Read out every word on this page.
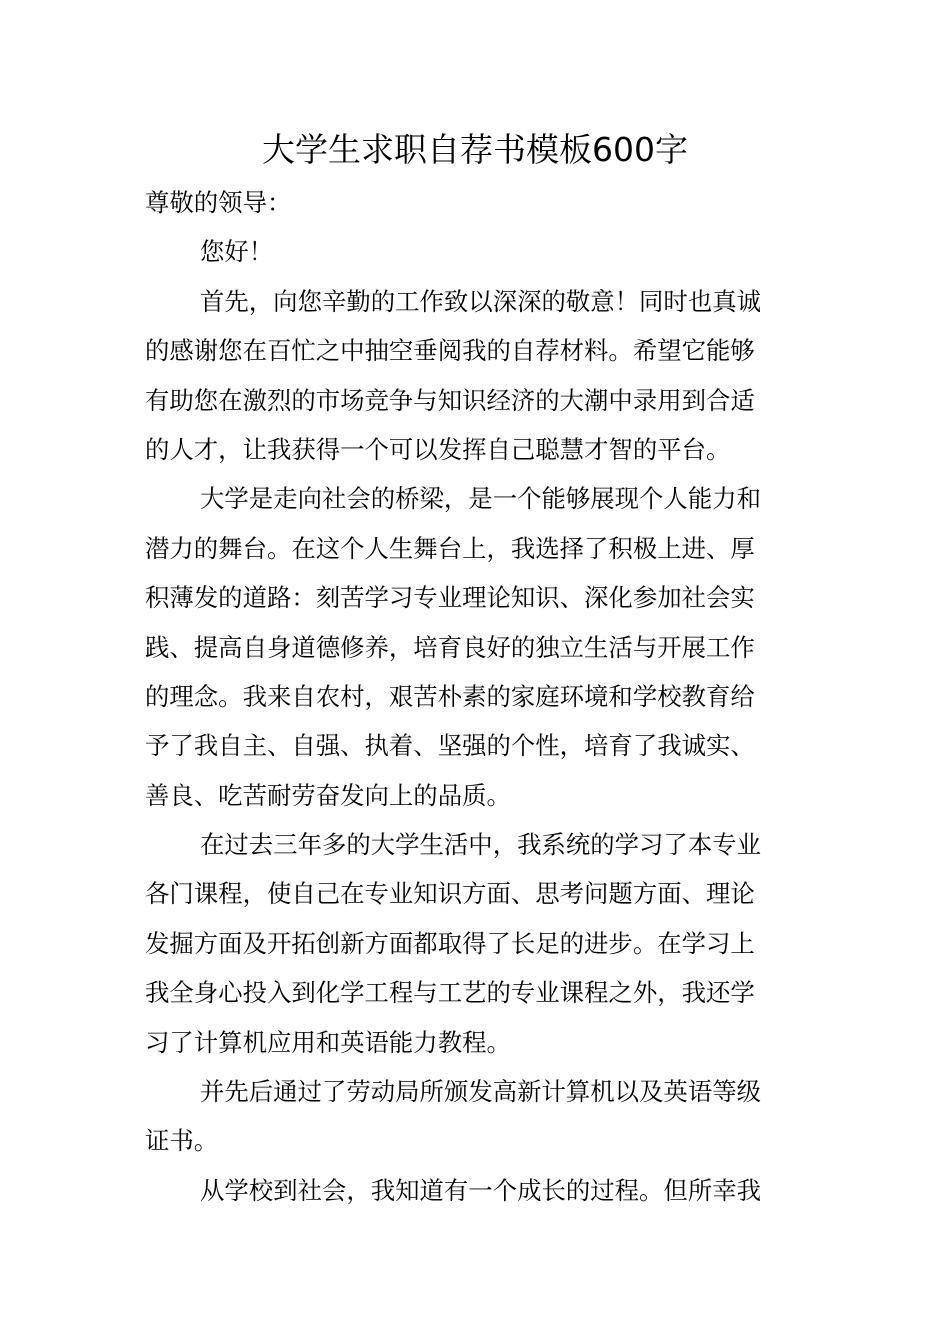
大学生求职自荐书模板600字
尊敬的领导：
您好！
首先，向您辛勤的工作致以深深的敬意！同时也真诚
的感谢您在百忙之中抽空垂阅我的自荐材料。希望它能够
有助您在激烈的市场竞争与知识经济的大潮中录用到合适
的人才，让我获得一个可以发挥自己聪慧才智的平台。
大学是走向社会的桥梁，是一个能够展现个人能力和
潜力的舞台。在这个人生舞台上，我选择了积极上进、厚
积薄发的道路：刻苦学习专业理论知识、深化参加社会实
践、提高自身道德修养，培育良好的独立生活与开展工作
的理念。我来自农村，艰苦朴素的家庭环境和学校教育给
予了我自主、自强、执着、坚强的个性，培育了我诚实、
善良、吃苦耐劳奋发向上的品质。
在过去三年多的大学生活中，我系统的学习了本专业
各门课程，使自己在专业知识方面、思考问题方面、理论
发掘方面及开拓创新方面都取得了长足的进步。在学习上
我全身心投入到化学工程与工艺的专业课程之外，我还学
习了计算机应用和英语能力教程。
并先后通过了劳动局所颁发高新计算机以及英语等级
证书。
从学校到社会，我知道有一个成长的过程。但所幸我
